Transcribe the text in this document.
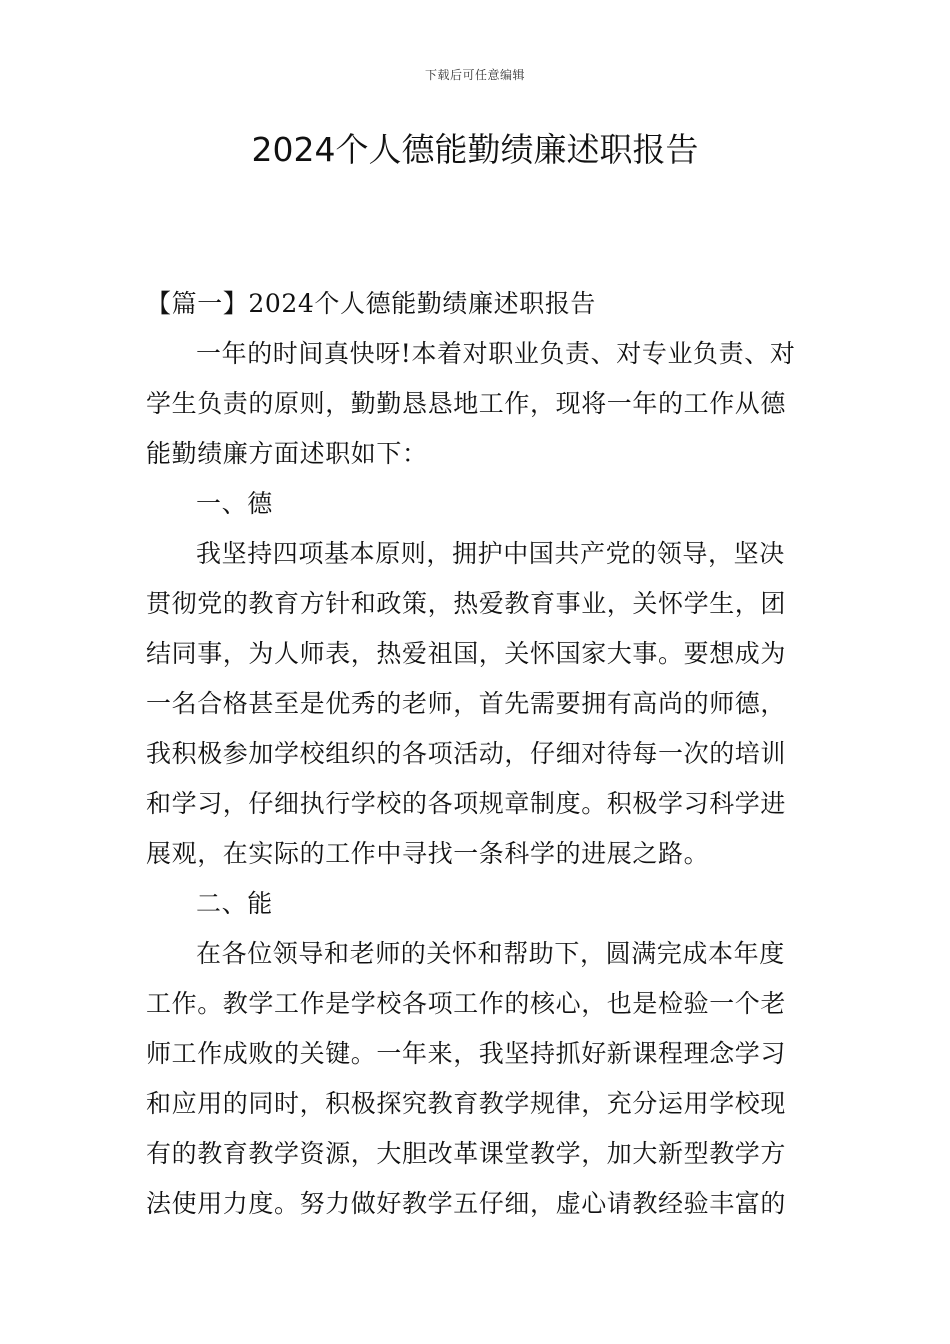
下载后可任意编辑
2024个人德能勤绩廉述职报告

【篇一】2024个人德能勤绩廉述职报告

一年的时间真快呀!本着对职业负责、对专业负责、对学生负责的原则，勤勤恳恳地工作，现将一年的工作从德能勤绩廉方面述职如下：

一、德

我坚持四项基本原则，拥护中国共产党的领导，坚决贯彻党的教育方针和政策，热爱教育事业，关怀学生，团结同事，为人师表，热爱祖国，关怀国家大事。要想成为一名合格甚至是优秀的老师，首先需要拥有高尚的师德，我积极参加学校组织的各项活动，仔细对待每一次的培训和学习，仔细执行学校的各项规章制度。积极学习科学进展观，在实际的工作中寻找一条科学的进展之路。

二、能

在各位领导和老师的关怀和帮助下，圆满完成本年度工作。教学工作是学校各项工作的核心，也是检验一个老师工作成败的关键。一年来，我坚持抓好新课程理念学习和应用的同时，积极探究教育教学规律，充分运用学校现有的教育教学资源，大胆改革课堂教学，加大新型教学方法使用力度。努力做好教学五仔细，虚心请教经验丰富的
